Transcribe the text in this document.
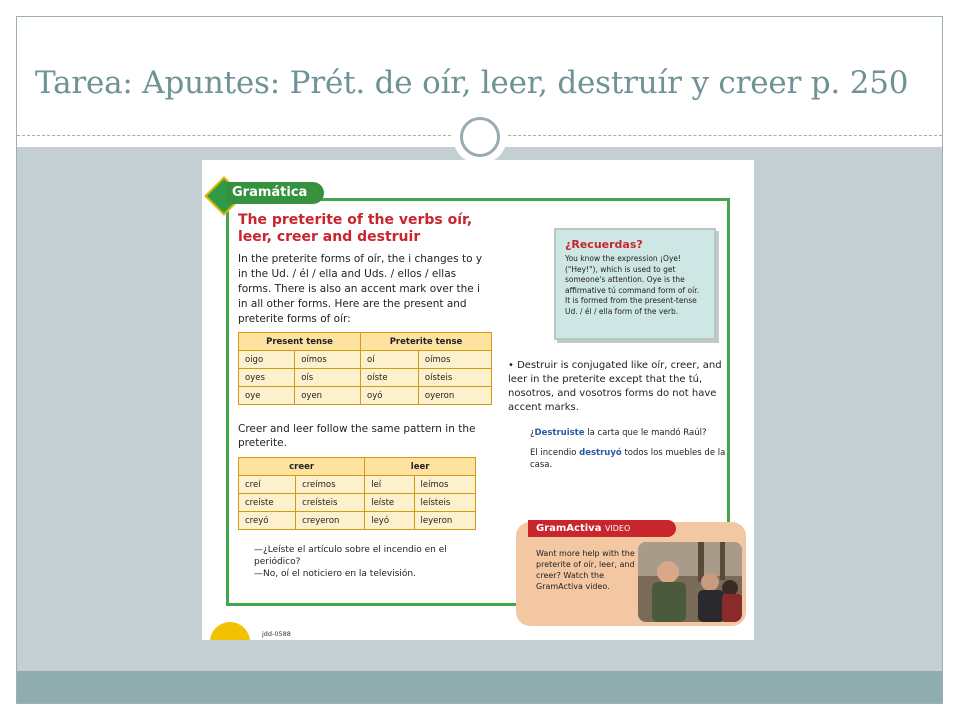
Tarea: Apuntes: Prét. de oír, leer, destruír y creer p. 250
Gramática
The preterite of the verbs oír, leer, creer and destruir
In the preterite forms of oír, the i changes to y in the Ud. / él / ella and Uds. / ellos / ellas forms. There is also an accent mark over the i in all other forms. Here are the present and preterite forms of oír:
Present tense		Preterite tense	
oigo	oímos	oí	oímos
oyes	oís	oíste	oísteis
oye	oyen	oyó	oyeron
Creer and leer follow the same pattern in the preterite.
creer		leer	
creí	creímos	leí	leímos
creíste	creísteis	leíste	leísteis
creyó	creyeron	leyó	leyeron
—¿Leíste el artículo sobre el incendio en el periódico?
—No, oí el noticiero en la televisión.
¿Recuerdas?
You know the expression ¡Oye! ("Hey!"), which is used to get someone's attention. Oye is the affirmative tú command form of oír. It is formed from the present-tense Ud. / él / ella form of the verb.
• Destruir is conjugated like oír, creer, and leer in the preterite except that the tú, nosotros, and vosotros forms do not have accent marks.
¿Destruiste la carta que le mandó Raúl?
El incendio destruyó todos los muebles de la casa.
GramActiva VIDEO
Want more help with the preterite of oír, leer, and creer? Watch the GramActiva video.
jdd-0588
